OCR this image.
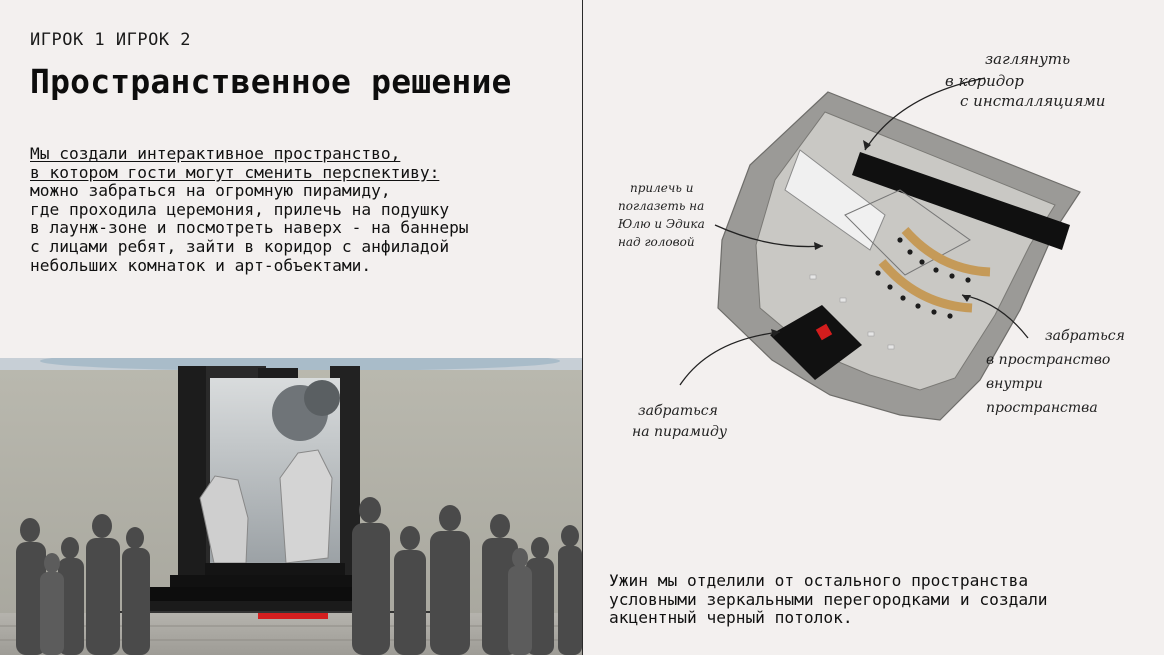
ИГРОК 1 ИГРОК 2
Пространственное решение
Мы создали интерактивное пространство,
в котором гости могут сменить перспективу:
можно забраться на огромную пирамиду,
где проходила церемония, прилечь на подушку
в лаунж-зоне и посмотреть наверх - на баннеры
с лицами ребят, зайти в коридор с анфиладой
небольших комнаток и арт-объектами.
заглянуть в коридор с инсталляциями
прилечь и поглазеть на Юлю и Эдика над головой
забраться на пирамиду
забраться в пространство внутри пространства
Ужин мы отделили от остального пространства
условными зеркальными перегородками и создали
акцентный черный потолок.
